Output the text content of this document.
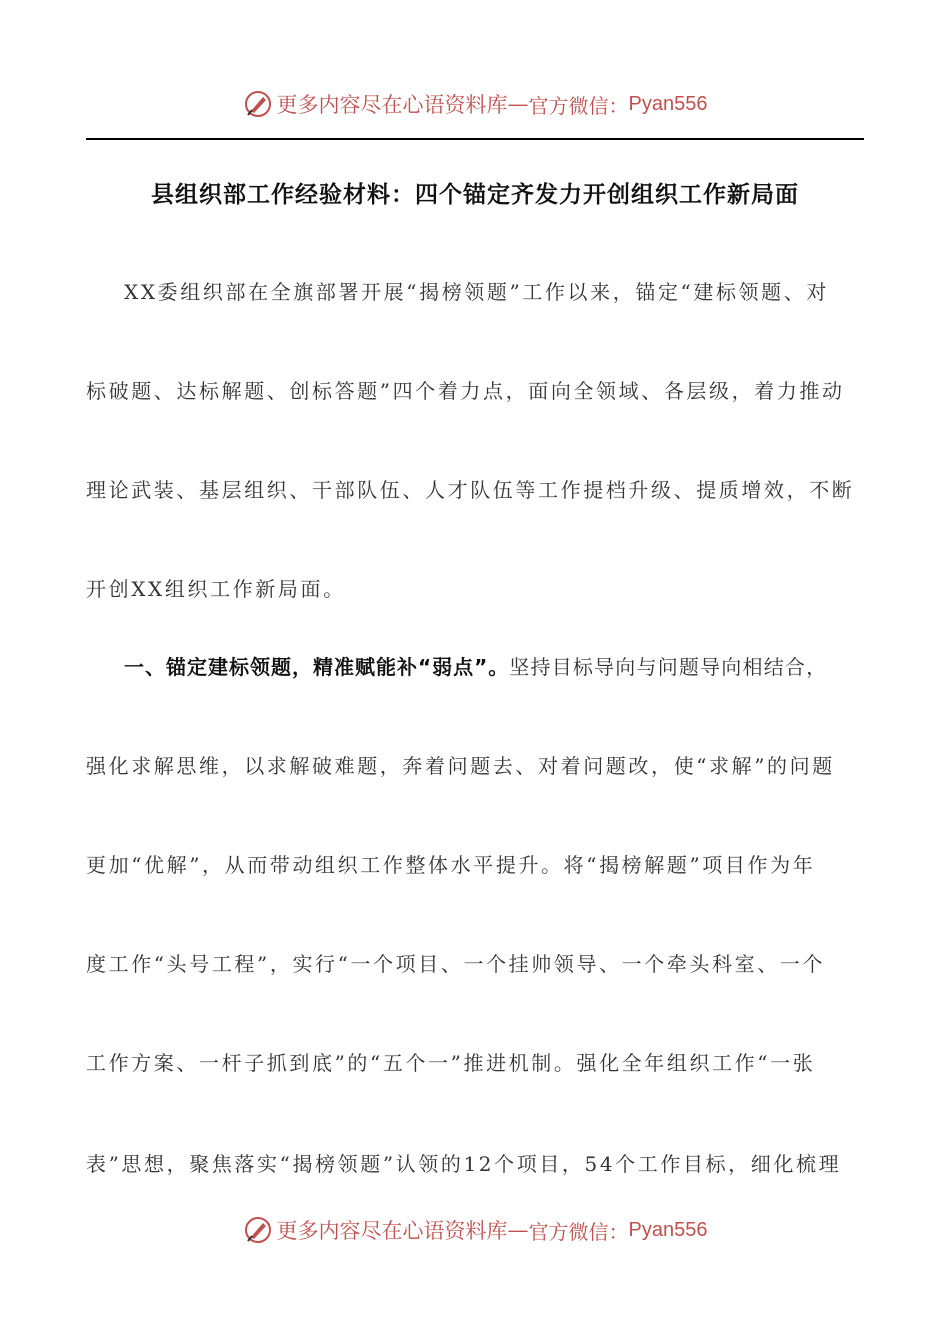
更多内容尽在心语资料库 — 官方微信： Pyan556
县组织部工作经验材料：四个锚定齐发力开创组织工作新局面
XX委组织部在全旗部署开展“揭榜领题”工作以来，锚定“建标领题、对
标破题、达标解题、创标答题”四个着力点，面向全领域、各层级，着力推动
理论武装、基层组织、干部队伍、人才队伍等工作提档升级、提质增效，不断
开创XX组织工作新局面。
一、锚定建标领题，精准赋能补“弱点”。坚持目标导向与问题导向相结合，
强化求解思维，以求解破难题，奔着问题去、对着问题改，使“求解”的问题
更加“优解”，从而带动组织工作整体水平提升。将“揭榜解题”项目作为年
度工作“头号工程”，实行“一个项目、一个挂帅领导、一个牵头科室、一个
工作方案、一杆子抓到底”的“五个一”推进机制。强化全年组织工作“一张
表”思想，聚焦落实“揭榜领题”认领的12个项目，54个工作目标，细化梳理
更多内容尽在心语资料库 — 官方微信： Pyan556
